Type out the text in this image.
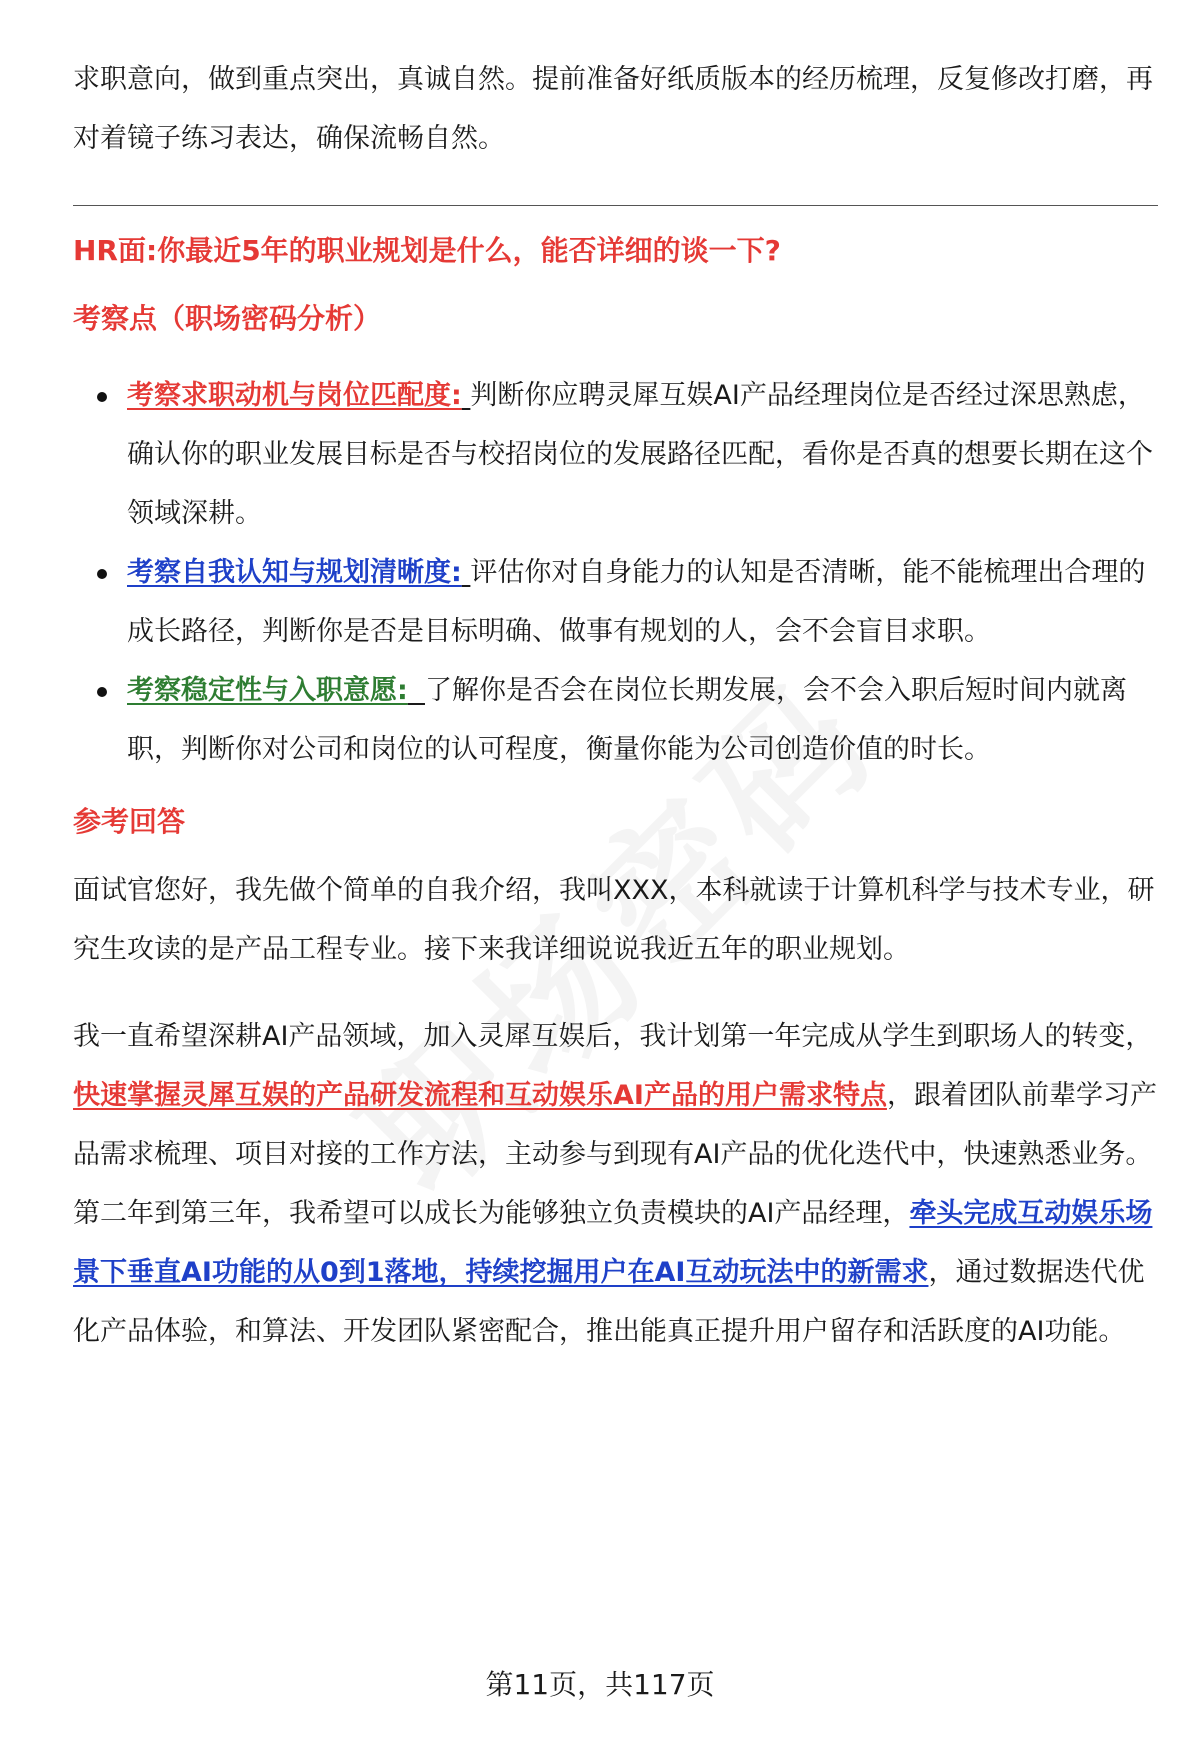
求职意向，做到重点突出，真诚自然。提前准备好纸质版本的经历梳理，反复修改打磨，再对着镜子练习表达，确保流畅自然。

HR面:你最近5年的职业规划是什么，能否详细的谈一下?

考察点（职场密码分析）

考察求职动机与岗位匹配度: 判断你应聘灵犀互娱AI产品经理岗位是否经过深思熟虑，确认你的职业发展目标是否与校招岗位的发展路径匹配，看你是否真的想要长期在这个领域深耕。
考察自我认知与规划清晰度: 评估你对自身能力的认知是否清晰，能不能梳理出合理的成长路径，判断你是否是目标明确、做事有规划的人，会不会盲目求职。
考察稳定性与入职意愿: 了解你是否会在岗位长期发展，会不会入职后短时间内就离职，判断你对公司和岗位的认可程度，衡量你能为公司创造价值的时长。

参考回答

面试官您好，我先做个简单的自我介绍，我叫XXX，本科就读于计算机科学与技术专业，研究生攻读的是产品工程专业。接下来我详细说说我近五年的职业规划。

我一直希望深耕AI产品领域，加入灵犀互娱后，我计划第一年完成从学生到职场人的转变，快速掌握灵犀互娱的产品研发流程和互动娱乐AI产品的用户需求特点，跟着团队前辈学习产品需求梳理、项目对接的工作方法，主动参与到现有AI产品的优化迭代中，快速熟悉业务。

第二年到第三年，我希望可以成长为能够独立负责模块的AI产品经理，牵头完成互动娱乐场景下垂直AI功能的从0到1落地，持续挖掘用户在AI互动玩法中的新需求，通过数据迭代优化产品体验，和算法、开发团队紧密配合，推出能真正提升用户留存和活跃度的AI功能。

第11页，共117页
